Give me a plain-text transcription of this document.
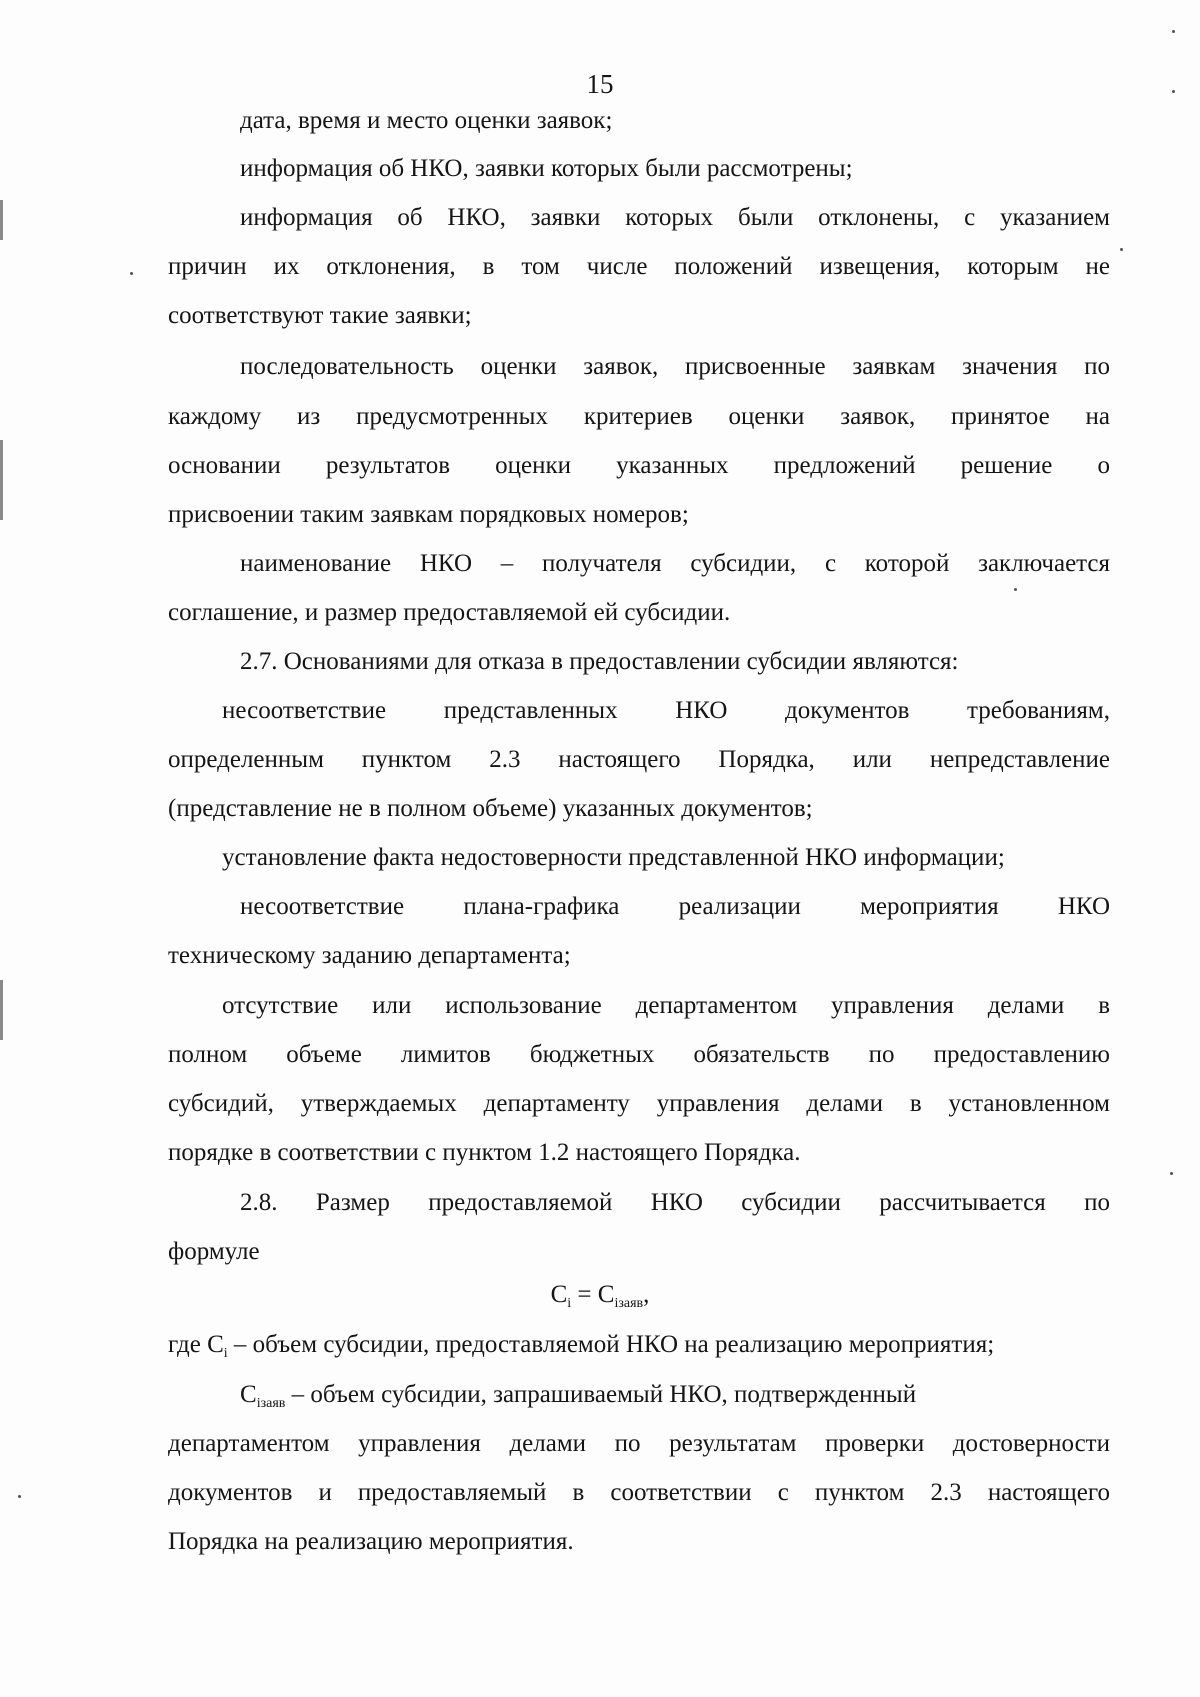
15

дата, время и место оценки заявок;

информация об НКО, заявки которых были рассмотрены;

информация об НКО, заявки которых были отклонены, с указанием

причин их отклонения, в том числе положений извещения, которым не

соответствуют такие заявки;

последовательность оценки заявок, присвоенные заявкам значения по

каждому из предусмотренных критериев оценки заявок, принятое на

основании результатов оценки указанных предложений решение о

присвоении таким заявкам порядковых номеров;

наименование НКО – получателя субсидии, с которой заключается

соглашение, и размер предоставляемой ей субсидии.

2.7. Основаниями для отказа в предоставлении субсидии являются:

несоответствие представленных НКО документов требованиям,

определенным пунктом 2.3 настоящего Порядка, или непредставление

(представление не в полном объеме) указанных документов;

установление факта недостоверности представленной НКО информации;

несоответствие плана-графика реализации мероприятия НКО

техническому заданию департамента;

отсутствие или использование департаментом управления делами в

полном объеме лимитов бюджетных обязательств по предоставлению

субсидий, утверждаемых департаменту управления делами в установленном

порядке в соответствии с пунктом 1.2 настоящего Порядка.

2.8. Размер предоставляемой НКО субсидии рассчитывается по

формуле

$C_i = C_{iзаяв}$,

где $C_i$ – объем субсидии, предоставляемой НКО на реализацию мероприятия;

$C_{iзаяв}$ – объем субсидии, запрашиваемый НКО, подтвержденный

департаментом управления делами по результатам проверки достоверности

документов и предоставляемый в соответствии с пунктом 2.3 настоящего

Порядка на реализацию мероприятия.
